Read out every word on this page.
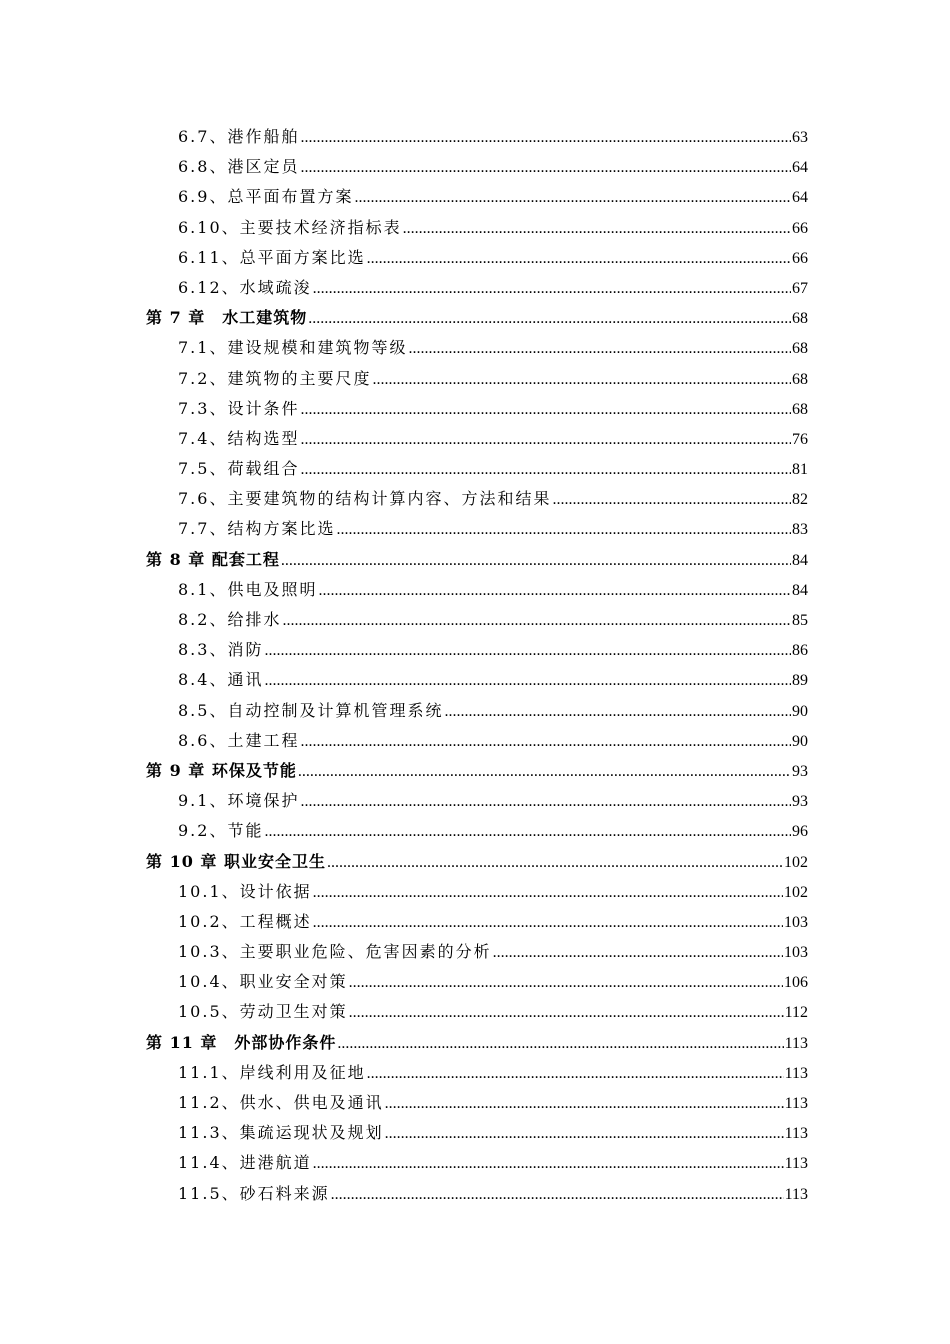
6.7、港作船舶 .....	63
6.8、港区定员 .....	64
6.9、总平面布置方案 .....	64
6.10、主要技术经济指标表 .....	66
6.11、总平面方案比选 .....	66
6.12、水域疏浚 .....	67
第 7 章　水工建筑物 .....	68
7.1、建设规模和建筑物等级 .....	68
7.2、建筑物的主要尺度 .....	68
7.3、设计条件 .....	68
7.4、结构选型 .....	76
7.5、荷载组合 .....	81
7.6、主要建筑物的结构计算内容、方法和结果 .....	82
7.7、结构方案比选 .....	83
第 8 章 配套工程 .....	84
8.1、供电及照明 .....	84
8.2、给排水 .....	85
8.3、消防 .....	86
8.4、通讯 .....	89
8.5、自动控制及计算机管理系统 .....	90
8.6、土建工程 .....	90
第 9 章 环保及节能 .....	93
9.1、环境保护 .....	93
9.2、节能 .....	96
第 10 章 职业安全卫生 .....	102
10.1、设计依据 .....	102
10.2、工程概述 .....	103
10.3、主要职业危险、危害因素的分析 .....	103
10.4、职业安全对策 .....	106
10.5、劳动卫生对策 .....	112
第 11 章　外部协作条件 .....	113
11.1、岸线利用及征地 .....	113
11.2、供水、供电及通讯 .....	113
11.3、集疏运现状及规划 .....	113
11.4、进港航道 .....	113
11.5、砂石料来源 .....	113
